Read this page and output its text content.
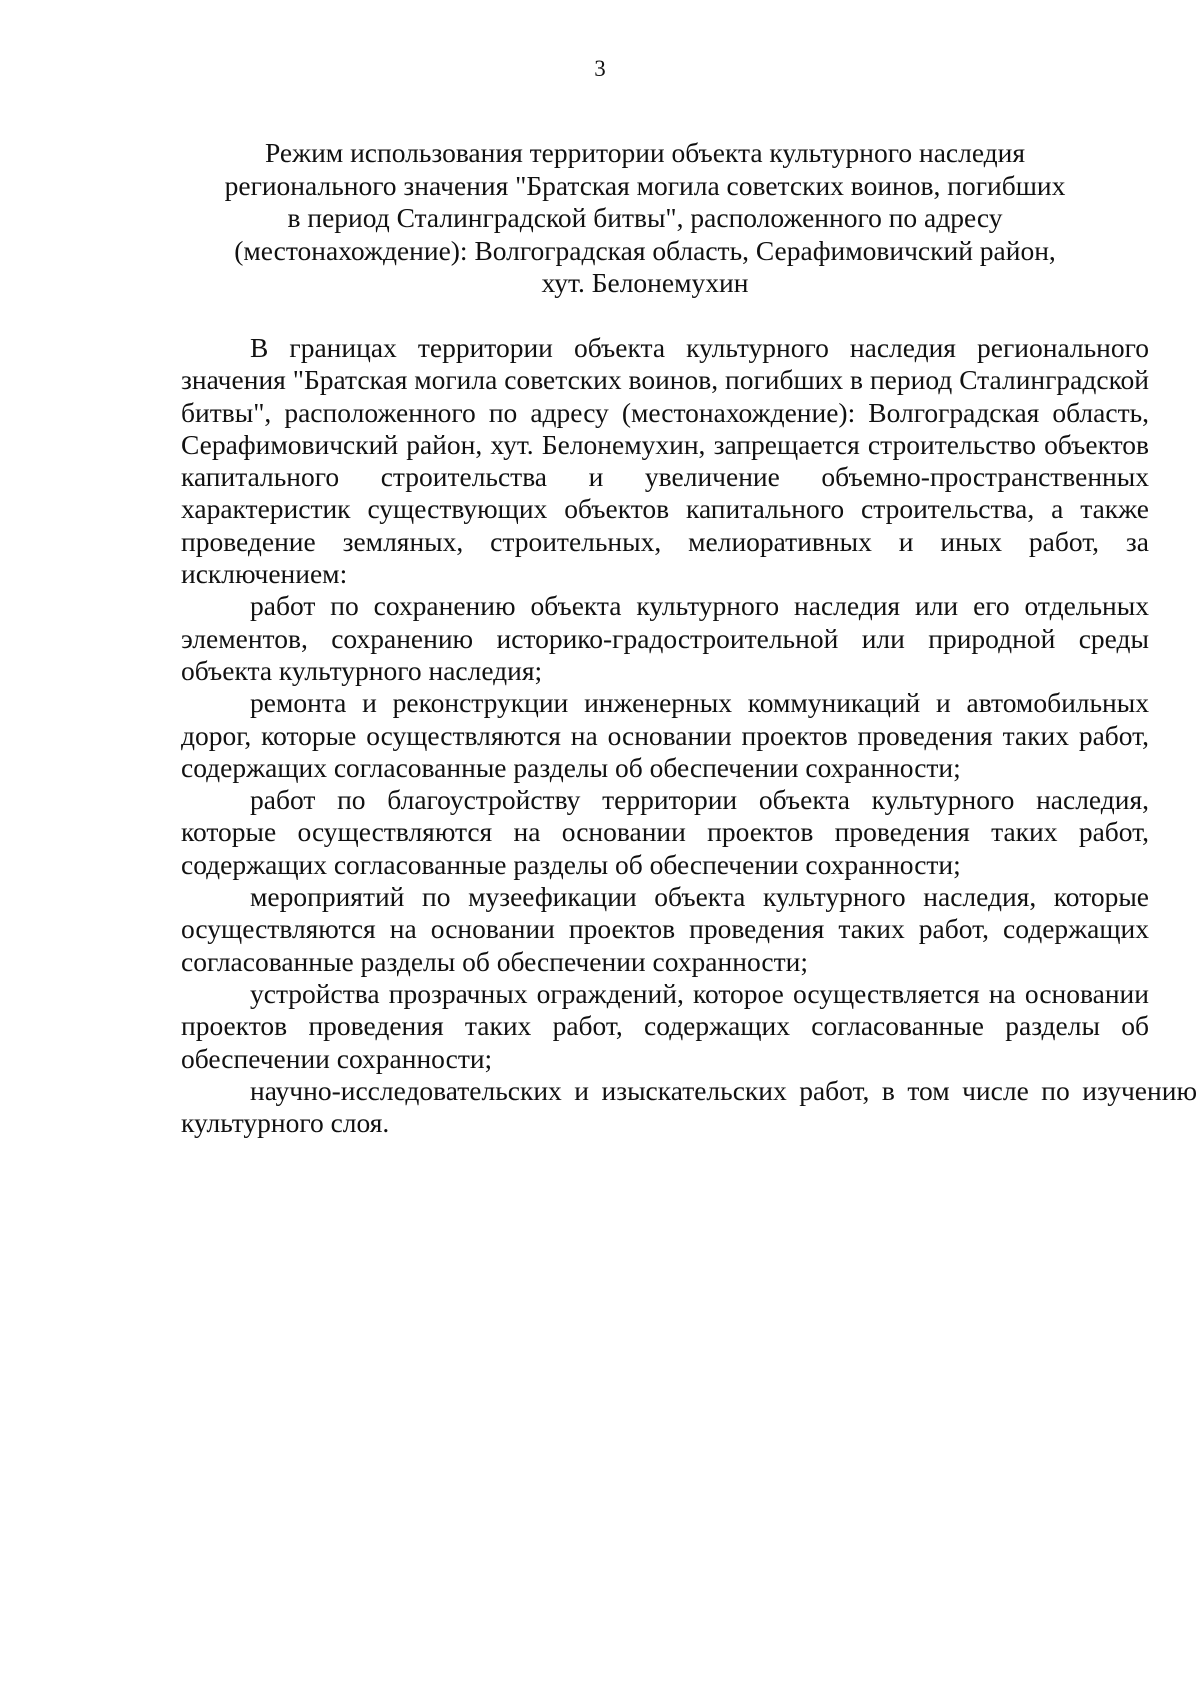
3
Режим использования территории объекта культурного наследия
регионального значения "Братская могила советских воинов, погибших
в период Сталинградской битвы", расположенного по адресу
(местонахождение): Волгоградская область, Серафимовичский район,
хут. Белонемухин

В границах территории объекта культурного наследия регионального значения "Братская могила советских воинов, погибших в период Сталинградской битвы", расположенного по адресу (местонахождение): Волгоградская область, Серафимовичский район, хут. Белонемухин, запрещается строительство объектов капитального строительства и увеличение объемно-пространственных характеристик существующих объектов капитального строительства, а также проведение земляных, строительных, мелиоративных и иных работ, за исключением:

работ по сохранению объекта культурного наследия или его отдельных элементов, сохранению историко-градостроительной или природной среды объекта культурного наследия;

ремонта и реконструкции инженерных коммуникаций и автомобильных дорог, которые осуществляются на основании проектов проведения таких работ, содержащих согласованные разделы об обеспечении сохранности;

работ по благоустройству территории объекта культурного наследия, которые осуществляются на основании проектов проведения таких работ, содержащих согласованные разделы об обеспечении сохранности;

мероприятий по музеефикации объекта культурного наследия, которые осуществляются на основании проектов проведения таких работ, содержащих согласованные разделы об обеспечении сохранности;

устройства прозрачных ограждений, которое осуществляется на основании проектов проведения таких работ, содержащих согласованные разделы об обеспечении сохранности;

научно-исследовательских и изыскательских работ, в том числе по изучению культурного слоя.
